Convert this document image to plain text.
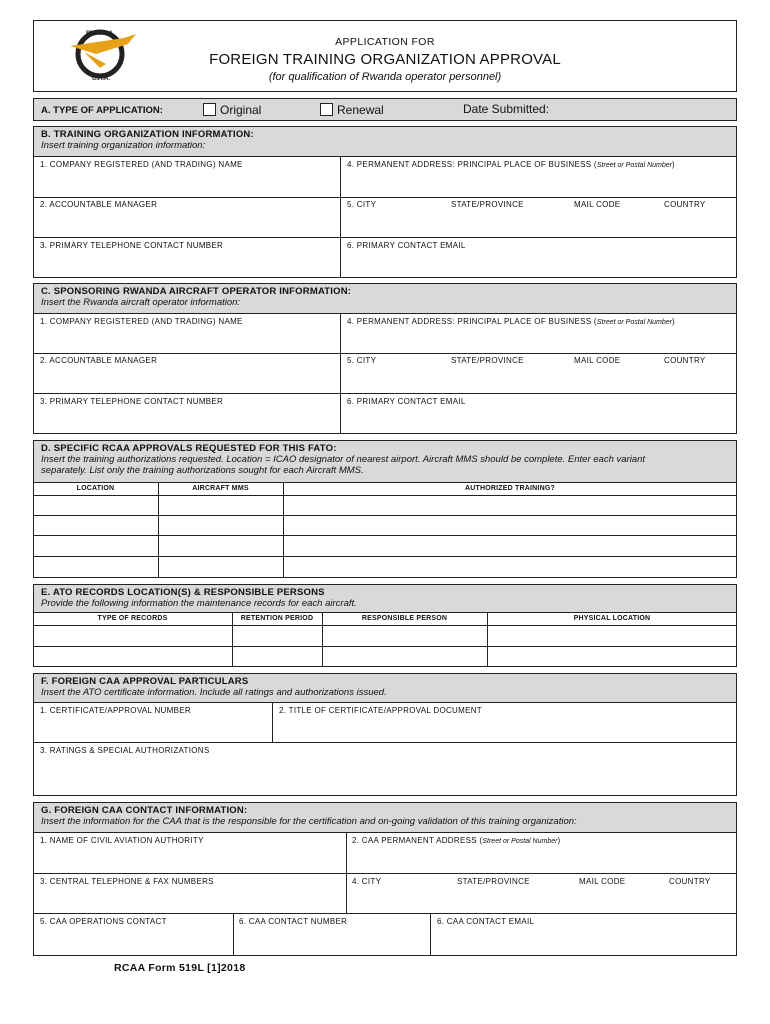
RWANDA
C.A.A.
APPLICATION FOR
FOREIGN TRAINING ORGANIZATION APPROVAL
(for qualification of Rwanda operator personnel)
A. TYPE OF APPLICATION:	Original	Renewal	Date Submitted:
B. TRAINING ORGANIZATION INFORMATION:
Insert training organization information:
1. COMPANY REGISTERED (AND TRADING) NAME	4. PERMANENT ADDRESS: PRINCIPAL PLACE OF BUSINESS (Street or Postal Number)
2. ACCOUNTABLE MANAGER	5. CITY	STATE/PROVINCE	MAIL CODE	COUNTRY
3. PRIMARY TELEPHONE CONTACT NUMBER	6. PRIMARY CONTACT EMAIL
C. SPONSORING RWANDA AIRCRAFT OPERATOR INFORMATION:
Insert the Rwanda aircraft operator information:
1. COMPANY REGISTERED (AND TRADING) NAME	4. PERMANENT ADDRESS: PRINCIPAL PLACE OF BUSINESS (Street or Postal Number)
2. ACCOUNTABLE MANAGER	5. CITY	STATE/PROVINCE	MAIL CODE	COUNTRY
3. PRIMARY TELEPHONE CONTACT NUMBER	6. PRIMARY CONTACT EMAIL
D. SPECIFIC RCAA APPROVALS REQUESTED FOR THIS FATO:
Insert the training authorizations requested. Location = ICAO designator of nearest airport. Aircraft MMS should be complete. Enter each variant
separately. List only the training authorizations sought for each Aircraft MMS.
LOCATION	AIRCRAFT MMS	AUTHORIZED TRAINING?
E. ATO RECORDS LOCATION(S) & RESPONSIBLE PERSONS
Provide the following information the maintenance records for each aircraft.
TYPE OF RECORDS	RETENTION PERIOD	RESPONSIBLE PERSON	PHYSICAL LOCATION
F. FOREIGN CAA APPROVAL PARTICULARS
Insert the ATO certificate information. Include all ratings and authorizations issued.
1. CERTIFICATE/APPROVAL NUMBER	2. TITLE OF CERTIFICATE/APPROVAL DOCUMENT
3. RATINGS & SPECIAL AUTHORIZATIONS
G. FOREIGN CAA CONTACT INFORMATION:
Insert the information for the CAA that is the responsible for the certification and on-going validation of this training organization:
1. NAME OF CIVIL AVIATION AUTHORITY	2. CAA PERMANENT ADDRESS (Street or Postal Number)
3. CENTRAL TELEPHONE & FAX NUMBERS	4. CITY	STATE/PROVINCE	MAIL CODE	COUNTRY
5. CAA OPERATIONS CONTACT	6. CAA CONTACT NUMBER	6. CAA CONTACT EMAIL
RCAA Form 519L [1]2018
